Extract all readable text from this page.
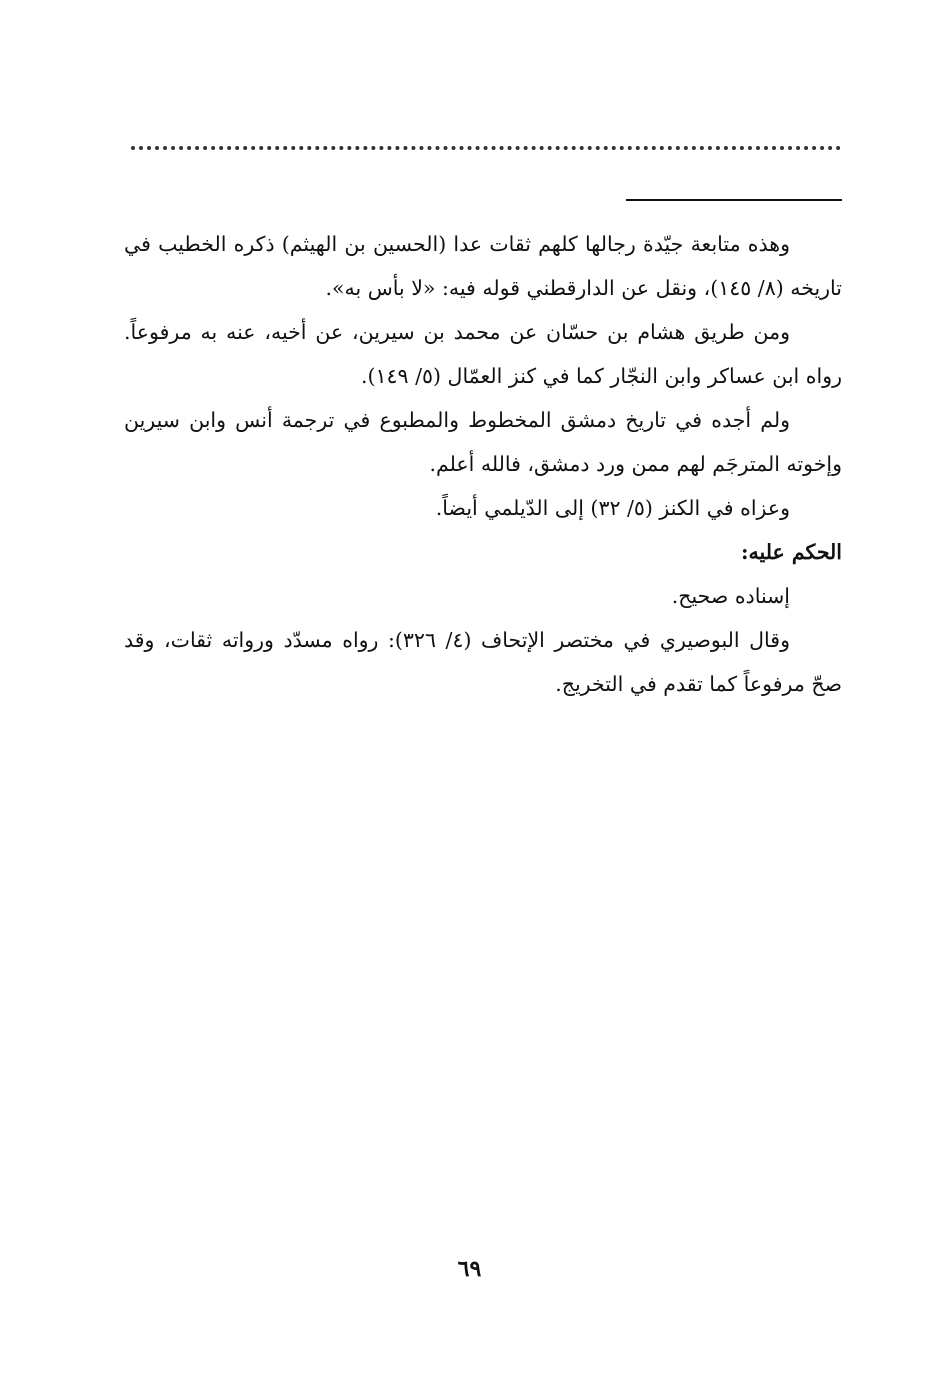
وهذه متابعة جيّدة رجالها كلهم ثقات عدا (الحسين بن الهيثم) ذكره الخطيب في تاريخه (٨/ ١٤٥)، ونقل عن الدارقطني قوله فيه: «لا بأس به».

ومن طريق هشام بن حسّان عن محمد بن سيرين، عن أخيه، عنه به مرفوعاً. رواه ابن عساكر وابن النجّار كما في كنز العمّال (٥/ ١٤٩).

ولم أجده في تاريخ دمشق المخطوط والمطبوع في ترجمة أنس وابن سيرين وإخوته المترجَم لهم ممن ورد دمشق، فالله أعلم.

وعزاه في الكنز (٥/ ٣٢) إلى الدّيلمي أيضاً.

الحكم عليه:

إسناده صحيح.

وقال البوصيري في مختصر الإتحاف (٤/ ٣٢٦): رواه مسدّد ورواته ثقات، وقد صحّ مرفوعاً كما تقدم في التخريج.

٦٩
